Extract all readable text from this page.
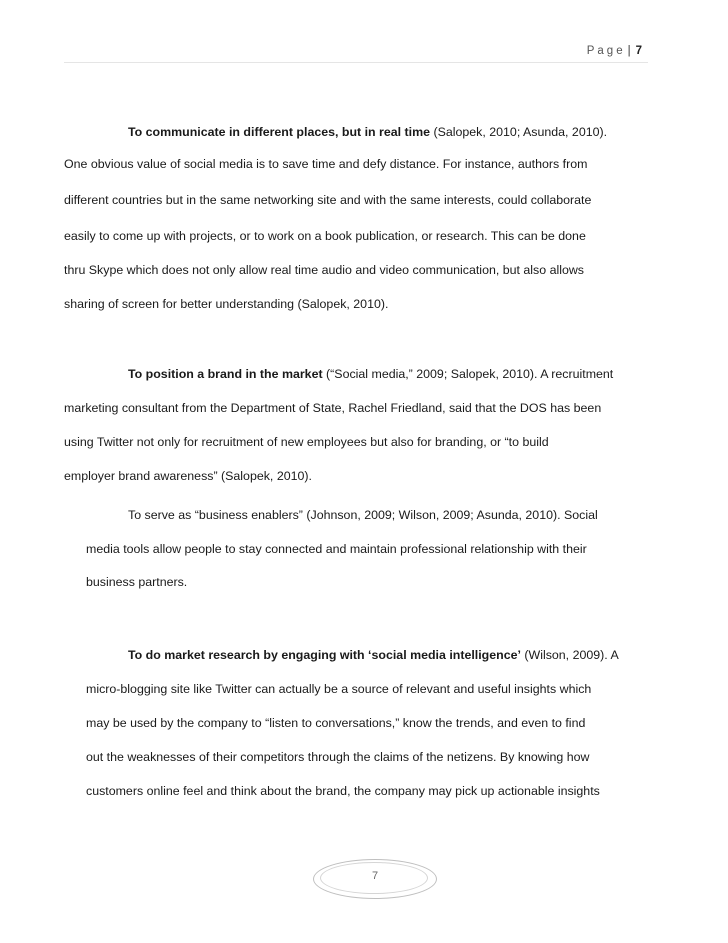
Page | 7
To communicate in different places, but in real time (Salopek, 2010; Asunda, 2010).
One obvious value of social media is to save time and defy distance. For instance, authors from
different countries but in the same networking site and with the same interests, could collaborate
easily to come up with projects, or to work on a book publication, or research. This can be done
thru Skype which does not only allow real time audio and video communication, but also allows
sharing of screen for better understanding (Salopek, 2010).
To position a brand in the market (“Social media,” 2009; Salopek, 2010). A recruitment
marketing consultant from the Department of State, Rachel Friedland, said that the DOS has been
using Twitter not only for recruitment of new employees but also for branding, or “to build
employer brand awareness” (Salopek, 2010).
To serve as “business enablers” (Johnson, 2009; Wilson, 2009; Asunda, 2010). Social
media tools allow people to stay connected and maintain professional relationship with their
business partners.
To do market research by engaging with ‘social media intelligence’ (Wilson, 2009). A
micro-blogging site like Twitter can actually be a source of relevant and useful insights which
may be used by the company to “listen to conversations,” know the trends, and even to find
out the weaknesses of their competitors through the claims of the netizens. By knowing how
customers online feel and think about the brand, the company may pick up actionable insights
7
